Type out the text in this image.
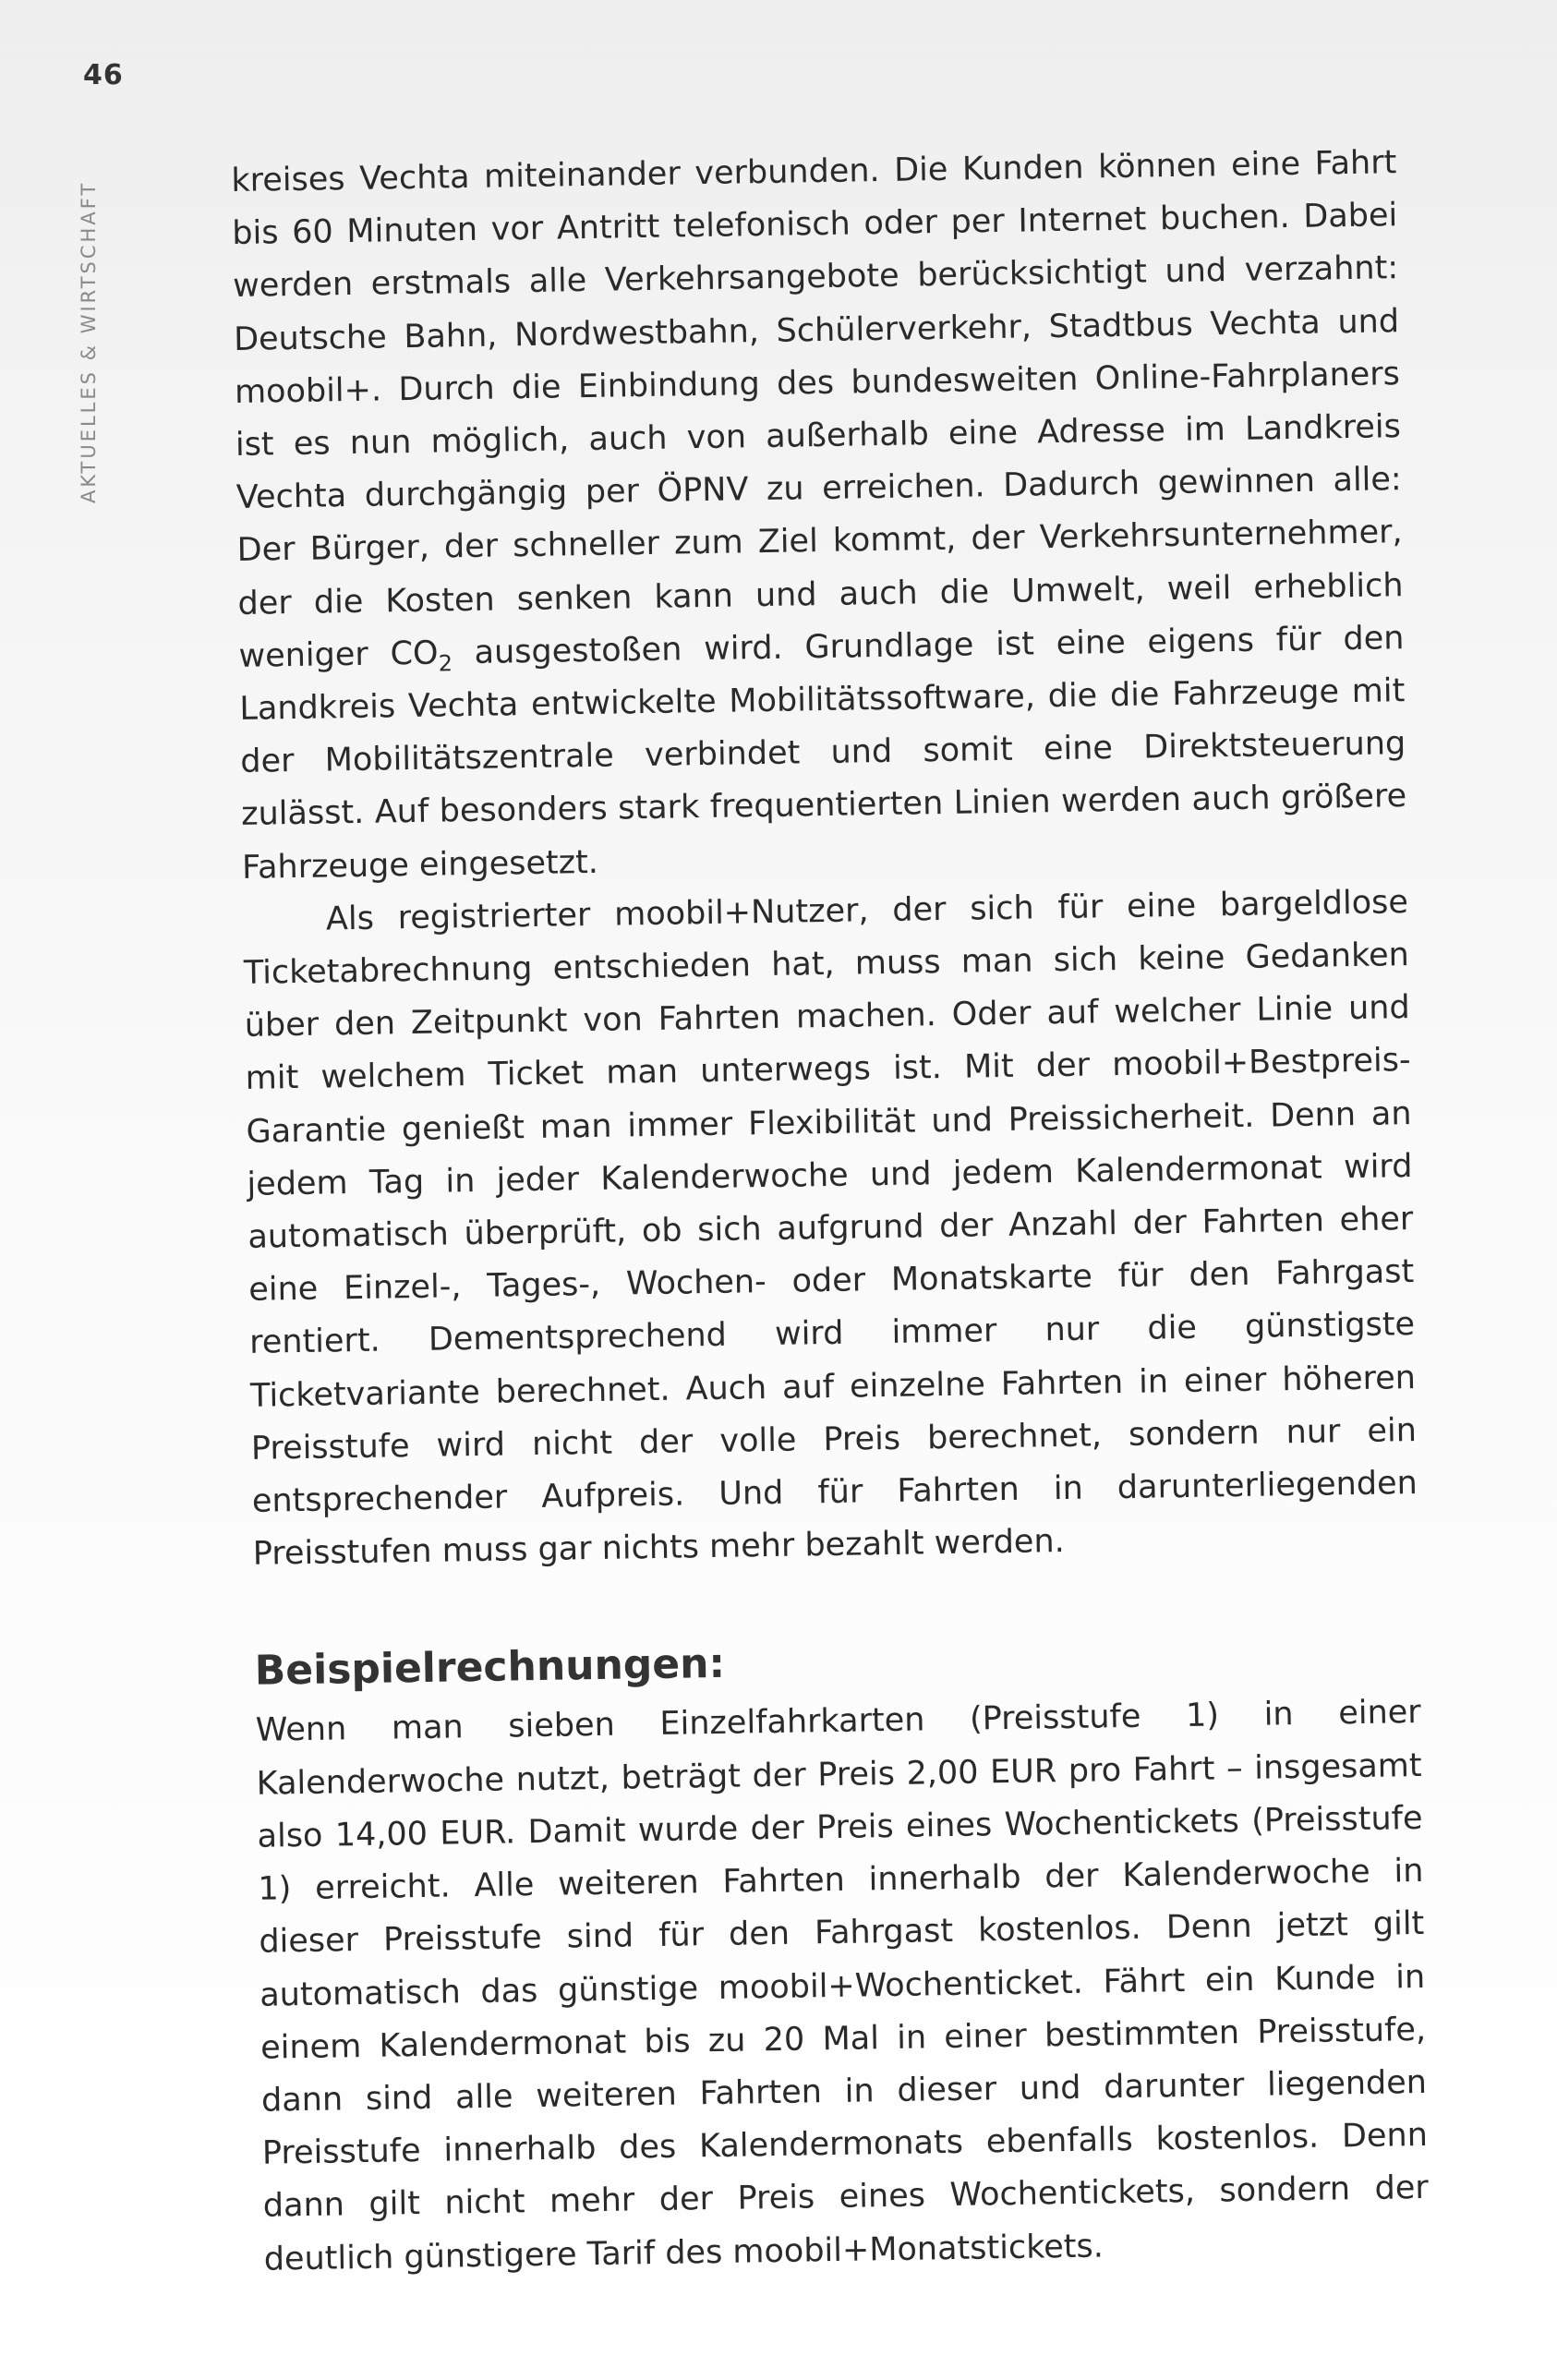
46
AKTUELLES & WIRTSCHAFT

kreises Vechta miteinander verbunden. Die Kunden können eine Fahrt bis 60 Minuten vor Antritt telefonisch oder per Internet buchen. Dabei werden erstmals alle Verkehrsangebote berücksichtigt und verzahnt: Deutsche Bahn, Nordwestbahn, Schülerverkehr, Stadtbus Vechta und moobil+. Durch die Einbindung des bundesweiten Online-Fahrplaners ist es nun möglich, auch von außerhalb eine Adresse im Landkreis Vechta durchgängig per ÖPNV zu erreichen. Dadurch gewinnen alle: Der Bürger, der schneller zum Ziel kommt, der Verkehrsunternehmer, der die Kosten senken kann und auch die Umwelt, weil erheblich weniger $CO_2$ ausgestoßen wird. Grundlage ist eine eigens für den Landkreis Vechta entwickelte Mobilitätssoftware, die die Fahrzeuge mit der Mobilitätszentrale verbindet und somit eine Direktsteuerung zulässt. Auf besonders stark frequentierten Linien werden auch größere Fahrzeuge eingesetzt.

Als registrierter moobil+Nutzer, der sich für eine bargeldlose Ticketabrechnung entschieden hat, muss man sich keine Gedanken über den Zeitpunkt von Fahrten machen. Oder auf welcher Linie und mit welchem Ticket man unterwegs ist. Mit der moobil+Bestpreis-Garantie genießt man immer Flexibilität und Preissicherheit. Denn an jedem Tag in jeder Kalenderwoche und jedem Kalendermonat wird automatisch überprüft, ob sich aufgrund der Anzahl der Fahrten eher eine Einzel-, Tages-, Wochen- oder Monatskarte für den Fahrgast rentiert. Dementsprechend wird immer nur die günstigste Ticketvariante berechnet. Auch auf einzelne Fahrten in einer höheren Preisstufe wird nicht der volle Preis berechnet, sondern nur ein entsprechender Aufpreis. Und für Fahrten in darunterliegenden Preisstufen muss gar nichts mehr bezahlt werden.

Beispielrechnungen:

Wenn man sieben Einzelfahrkarten (Preisstufe 1) in einer Kalenderwoche nutzt, beträgt der Preis 2,00 EUR pro Fahrt – insgesamt also 14,00 EUR. Damit wurde der Preis eines Wochentickets (Preisstufe 1) erreicht. Alle weiteren Fahrten innerhalb der Kalenderwoche in dieser Preisstufe sind für den Fahrgast kostenlos. Denn jetzt gilt automatisch das günstige moobil+Wochenticket. Fährt ein Kunde in einem Kalendermonat bis zu 20 Mal in einer bestimmten Preisstufe, dann sind alle weiteren Fahrten in dieser und darunter liegenden Preisstufe innerhalb des Kalendermonats ebenfalls kostenlos. Denn dann gilt nicht mehr der Preis eines Wochentickets, sondern der deutlich günstigere Tarif des moobil+Monatstickets.
